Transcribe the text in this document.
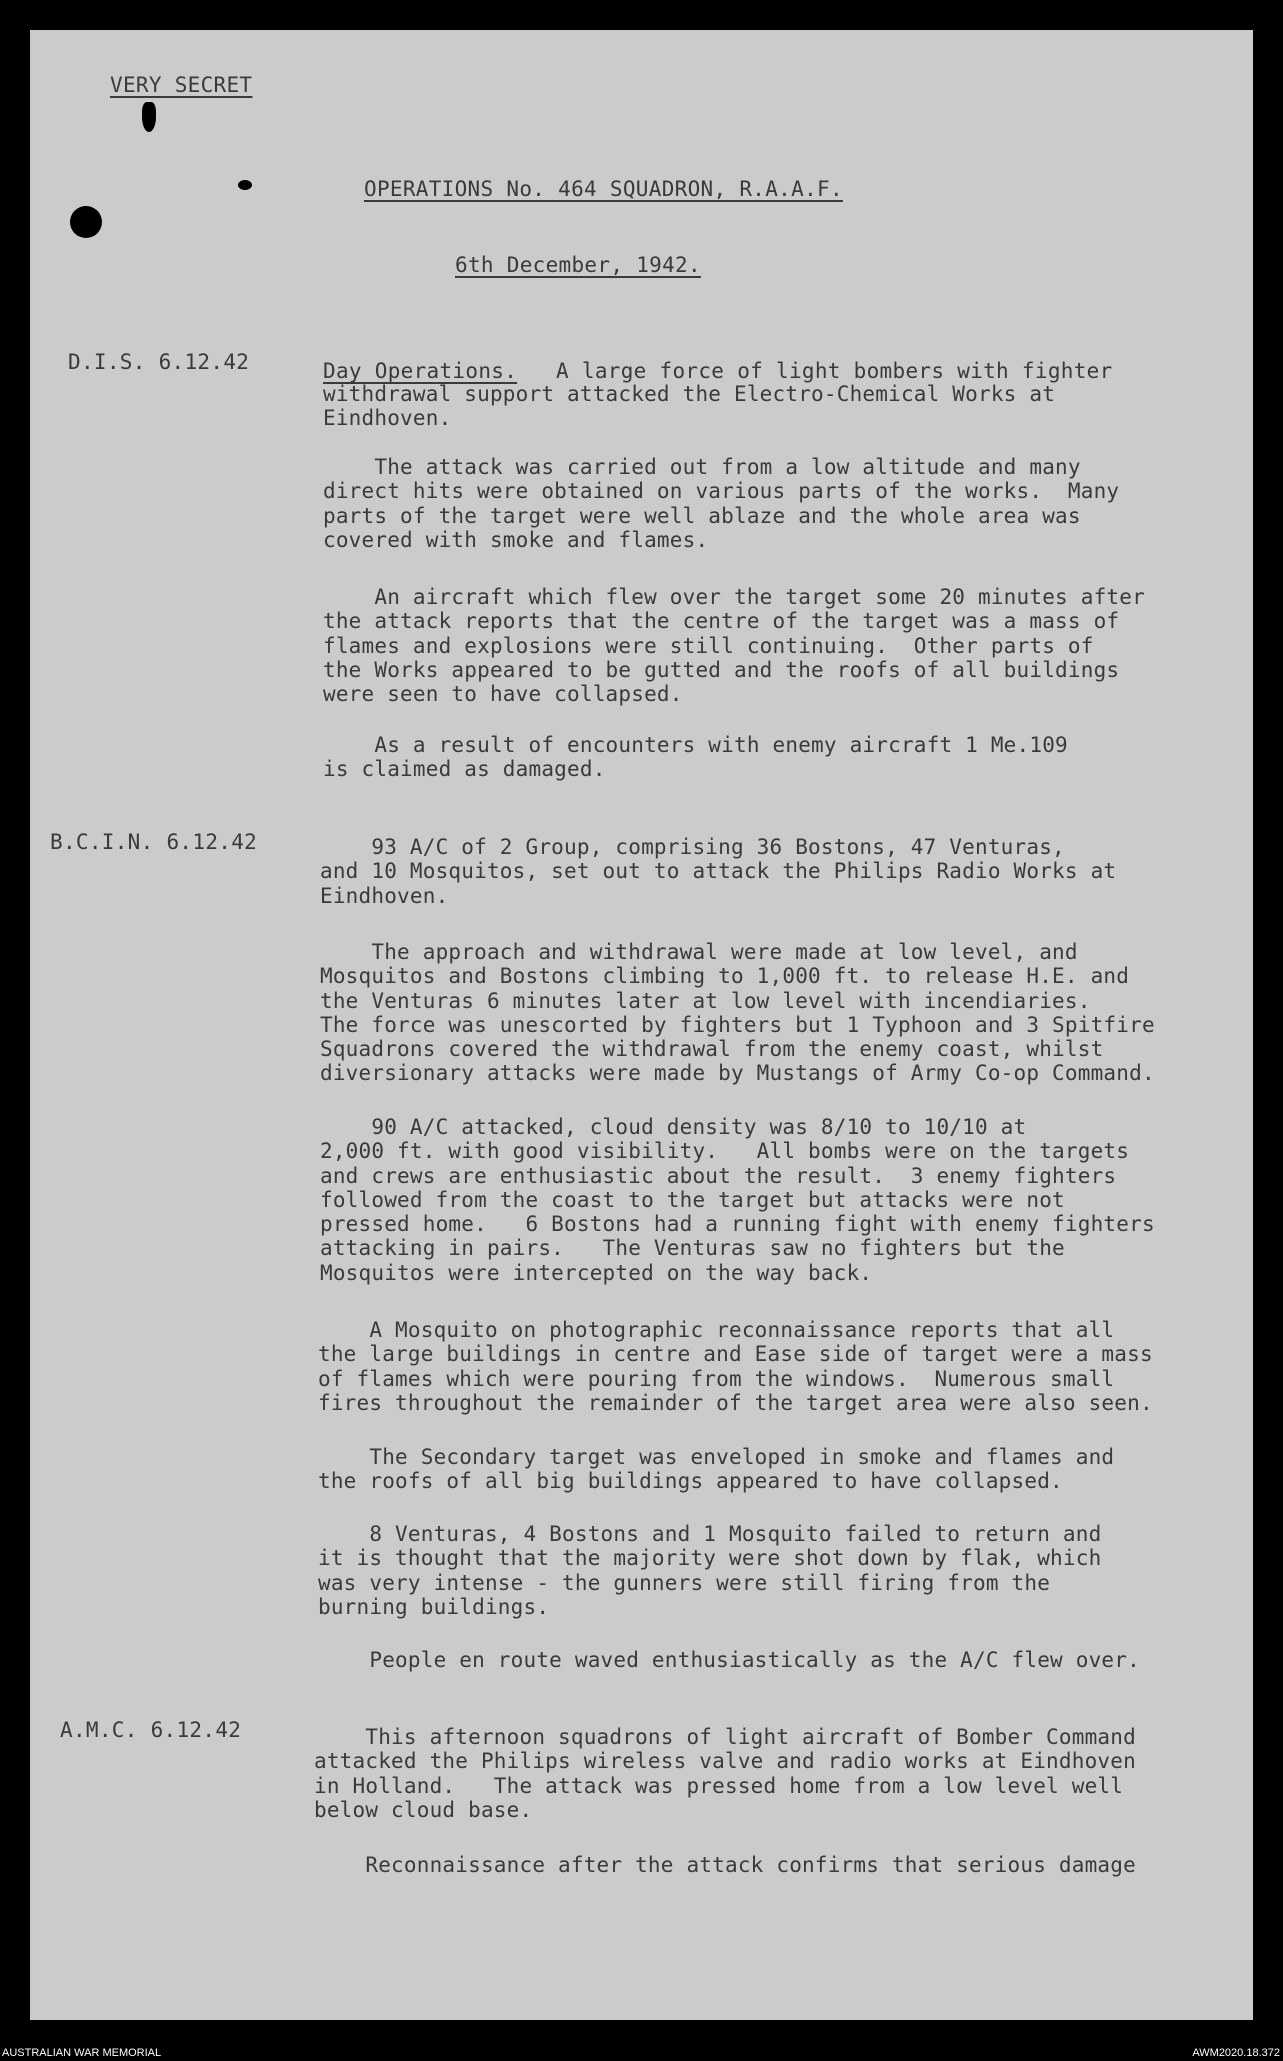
VERY SECRET
OPERATIONS No. 464 SQUADRON, R.A.A.F.
6th December, 1942.
D.I.S. 6.12.42	Day Operations.   A large force of light bombers with fighter
withdrawal support attacked the Electro-Chemical Works at
Eindhoven.
The attack was carried out from a low altitude and many
direct hits were obtained on various parts of the works.  Many
parts of the target were well ablaze and the whole area was
covered with smoke and flames.
An aircraft which flew over the target some 20 minutes after
the attack reports that the centre of the target was a mass of
flames and explosions were still continuing.  Other parts of
the Works appeared to be gutted and the roofs of all buildings
were seen to have collapsed.
As a result of encounters with enemy aircraft 1 Me.109
is claimed as damaged.
B.C.I.N. 6.12.42	93 A/C of 2 Group, comprising 36 Bostons, 47 Venturas,
and 10 Mosquitos, set out to attack the Philips Radio Works at
Eindhoven.
The approach and withdrawal were made at low level, and
Mosquitos and Bostons climbing to 1,000 ft. to release H.E. and
the Venturas 6 minutes later at low level with incendiaries.
The force was unescorted by fighters but 1 Typhoon and 3 Spitfire
Squadrons covered the withdrawal from the enemy coast, whilst
diversionary attacks were made by Mustangs of Army Co-op Command.
90 A/C attacked, cloud density was 8/10 to 10/10 at
2,000 ft. with good visibility.   All bombs were on the targets
and crews are enthusiastic about the result.  3 enemy fighters
followed from the coast to the target but attacks were not
pressed home.   6 Bostons had a running fight with enemy fighters
attacking in pairs.   The Venturas saw no fighters but the
Mosquitos were intercepted on the way back.
A Mosquito on photographic reconnaissance reports that all
the large buildings in centre and Ease side of target were a mass
of flames which were pouring from the windows.  Numerous small
fires throughout the remainder of the target area were also seen.
The Secondary target was enveloped in smoke and flames and
the roofs of all big buildings appeared to have collapsed.
8 Venturas, 4 Bostons and 1 Mosquito failed to return and
it is thought that the majority were shot down by flak, which
was very intense - the gunners were still firing from the
burning buildings.
People en route waved enthusiastically as the A/C flew over.
A.M.C. 6.12.42	This afternoon squadrons of light aircraft of Bomber Command
attacked the Philips wireless valve and radio works at Eindhoven
in Holland.   The attack was pressed home from a low level well
below cloud base.
Reconnaissance after the attack confirms that serious damage
AUSTRALIAN WAR MEMORIAL	AWM2020.18.372
